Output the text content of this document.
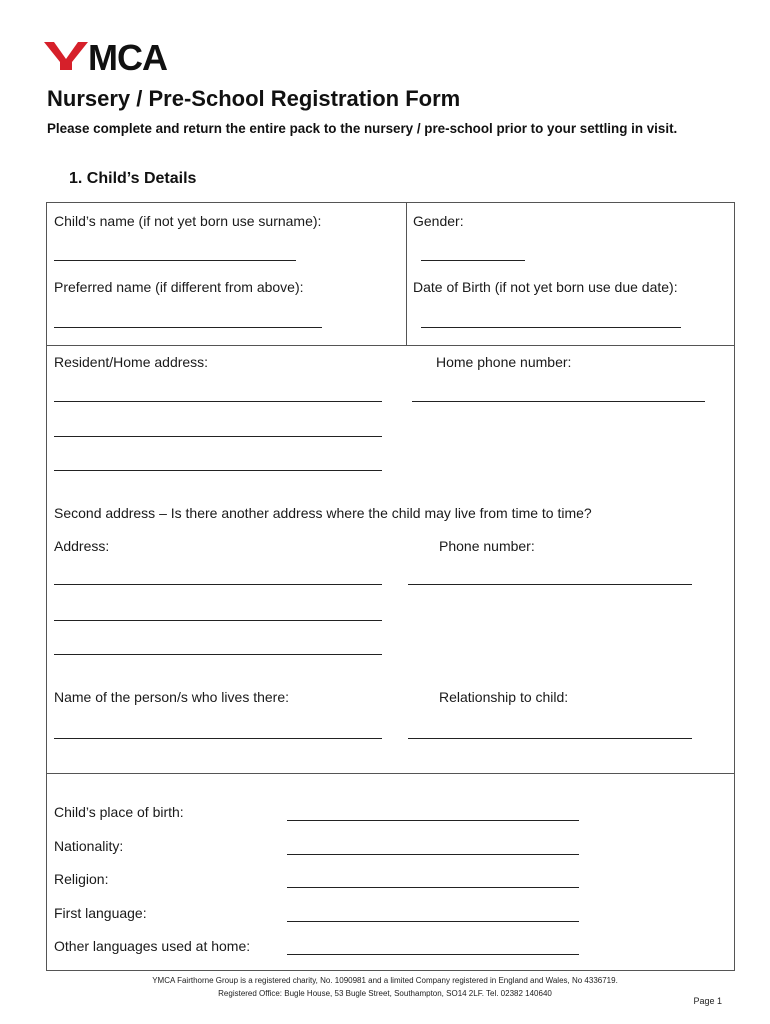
MCA
Nursery / Pre-School Registration Form
Please complete and return the entire pack to the nursery / pre-school prior to your settling in visit.
1. Child’s Details
Child’s name (if not yet born use surname):	Gender:
Preferred name (if different from above):	Date of Birth (if not yet born use due date):
Resident/Home address:	Home phone number:
Second address – Is there another address where the child may live from time to time?
Address:	Phone number:
Name of the person/s who lives there:	Relationship to child:
Child’s place of birth:
Nationality:
Religion:
First language:
Other languages used at home:
YMCA Fairthorne Group is a registered charity, No. 1090981 and a limited Company registered in England and Wales, No 4336719.
Registered Office: Bugle House, 53 Bugle Street, Southampton, SO14 2LF. Tel. 02382 140640
Page 1
